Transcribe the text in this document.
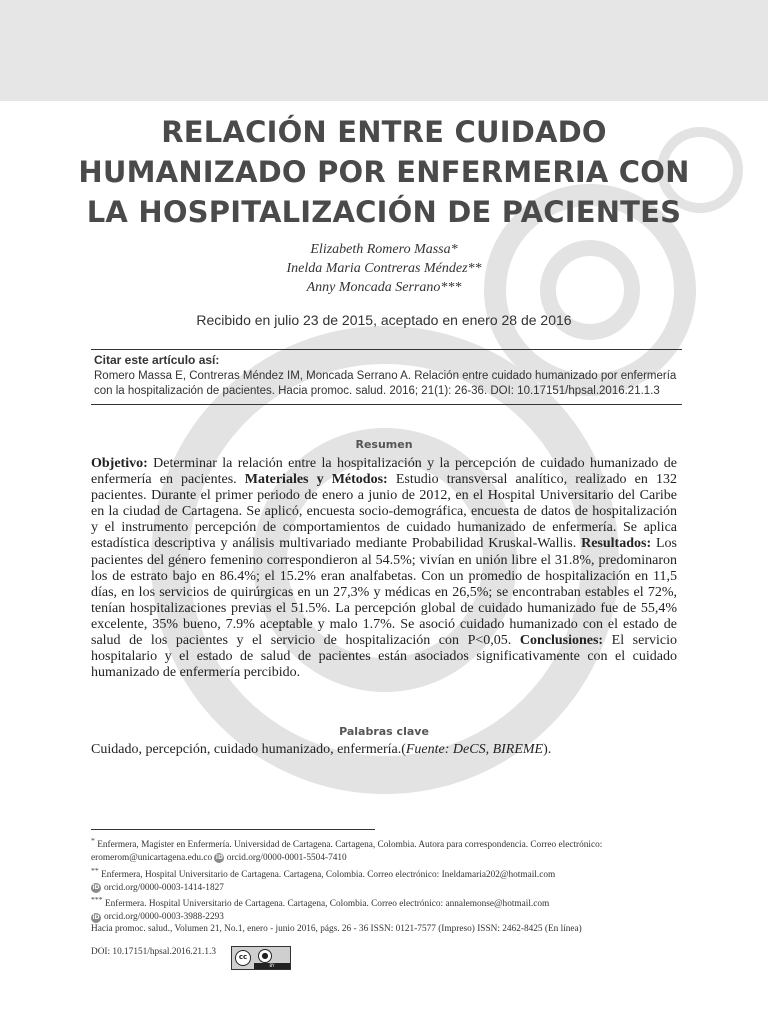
RELACIÓN ENTRE CUIDADO HUMANIZADO POR ENFERMERIA CON LA HOSPITALIZACIÓN DE PACIENTES
Elizabeth Romero Massa*
Inelda Maria Contreras Méndez**
Anny Moncada Serrano***
Recibido en julio 23 de 2015, aceptado en enero 28 de 2016
Citar este artículo así:
Romero Massa E, Contreras Méndez IM, Moncada Serrano A. Relación entre cuidado humanizado por enfermería con la hospitalización de pacientes. Hacia promoc. salud. 2016; 21(1): 26-36. DOI: 10.17151/hpsal.2016.21.1.3
Resumen

Objetivo: Determinar la relación entre la hospitalización y la percepción de cuidado humanizado de enfermería en pacientes. Materiales y Métodos: Estudio transversal analítico, realizado en 132 pacientes. Durante el primer periodo de enero a junio de 2012, en el Hospital Universitario del Caribe en la ciudad de Cartagena. Se aplicó, encuesta socio-demográfica, encuesta de datos de hospitalización y el instrumento percepción de comportamientos de cuidado humanizado de enfermería. Se aplica estadística descriptiva y análisis multivariado mediante Probabilidad Kruskal-Wallis. Resultados: Los pacientes del género femenino correspondieron al 54.5%; vivían en unión libre el 31.8%, predominaron los de estrato bajo en 86.4%; el 15.2% eran analfabetas. Con un promedio de hospitalización en 11,5 días, en los servicios de quirúrgicas en un 27,3% y médicas en 26,5%; se encontraban estables el 72%, tenían hospitalizaciones previas el 51.5%. La percepción global de cuidado humanizado fue de 55,4% excelente, 35% bueno, 7.9% aceptable y malo 1.7%. Se asoció cuidado humanizado con el estado de salud de los pacientes y el servicio de hospitalización con P<0,05. Conclusiones: El servicio hospitalario y el estado de salud de pacientes están asociados significativamente con el cuidado humanizado de enfermería percibido.

Palabras clave
Cuidado, percepción, cuidado humanizado, enfermería.(Fuente: DeCS, BIREME).
* Enfermera, Magister en Enfermería. Universidad de Cartagena. Cartagena, Colombia. Autora para correspondencia. Correo electrónico: eromerom@unicartagena.edu.co iD orcid.org/0000-0001-5504-7410
** Enfermera, Hospital Universitario de Cartagena. Cartagena, Colombia. Correo electrónico: Ineldamaria202@hotmail.com
iD orcid.org/0000-0003-1414-1827
*** Enfermera. Hospital Universitario de Cartagena. Cartagena, Colombia. Correo electrónico: annalemonse@hotmail.com
iD orcid.org/0000-0003-3988-2293
Hacia promoc. salud., Volumen 21, No.1, enero - junio 2016, págs. 26 - 36 ISSN: 0121-7577 (Impreso) ISSN: 2462-8425 (En línea)
DOI: 10.17151/hpsal.2016.21.1.3	cc	●
BY
